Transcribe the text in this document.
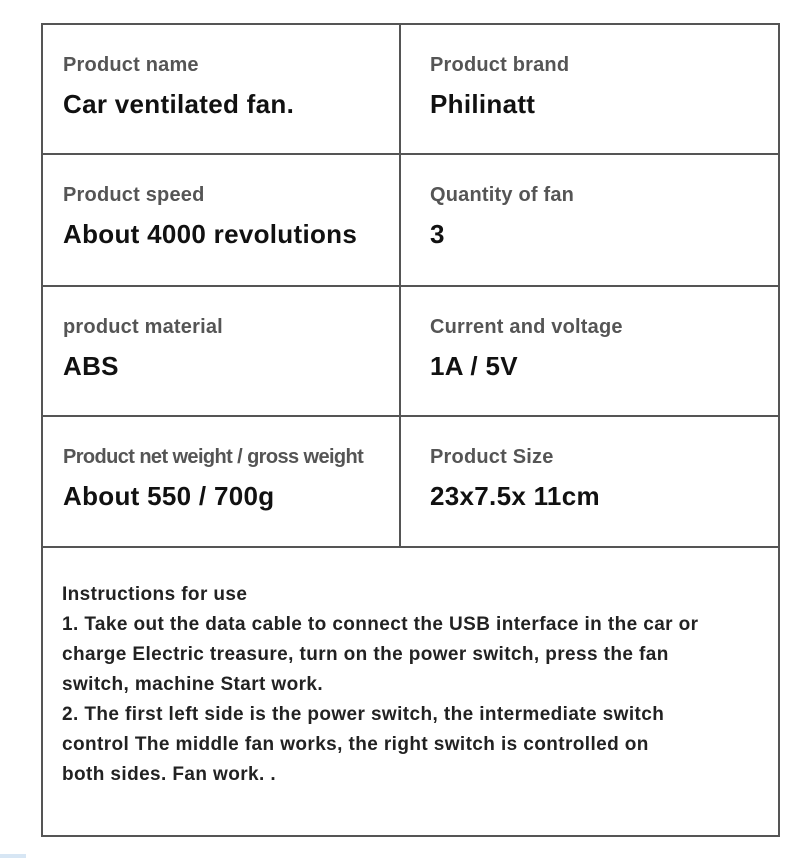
Product name
Car ventilated fan.
Product brand
Philinatt
Product speed
About 4000 revolutions
Quantity of fan
3
product material
ABS
Current and voltage
1A / 5V
Product net weight / gross weight
About 550 / 700g
Product Size
23x7.5x 11cm
Instructions for use
1. Take out the data cable to connect the USB interface in the car or
charge Electric treasure, turn on the power switch, press the fan
switch, machine Start work.
2. The first left side is the power switch, the intermediate switch
control The middle fan works, the right switch is controlled on
both sides. Fan work. .
